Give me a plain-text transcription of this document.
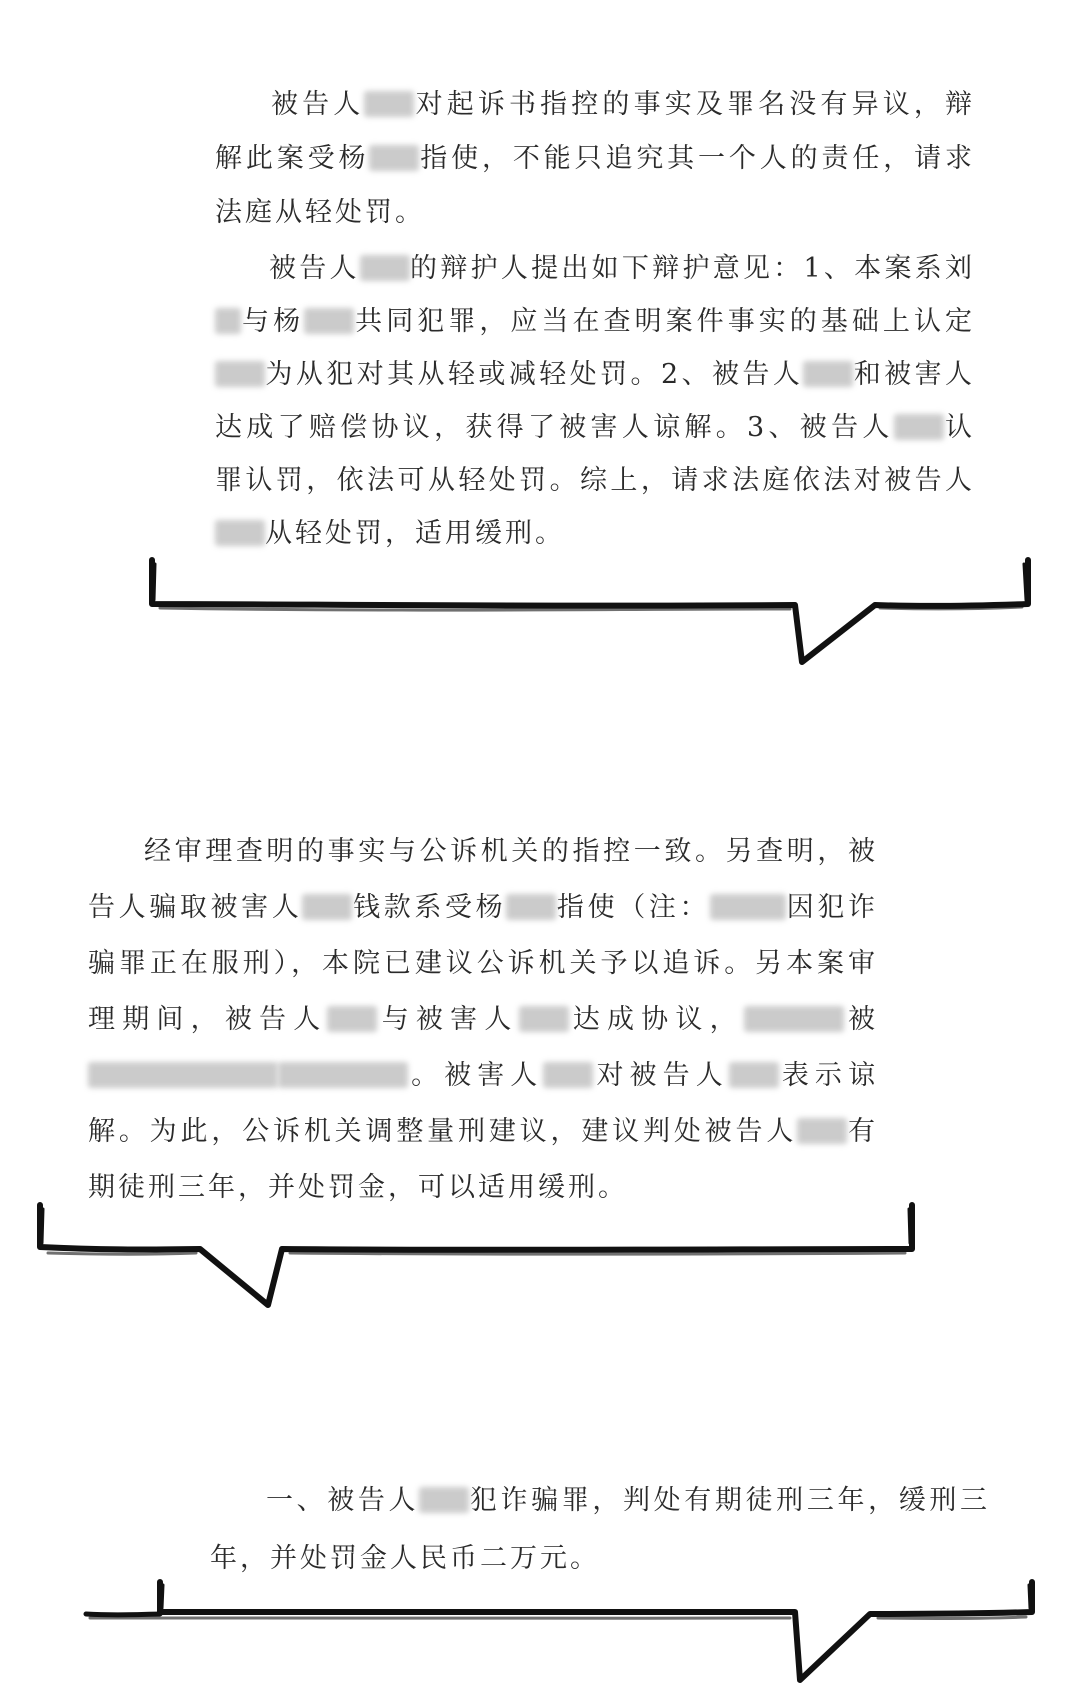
被告人 对起诉书指控的事实及罪名没有异议，辩解此案受杨 指使，不能只追究其一个人的责任，请求法庭从轻处罚。

被告人 的辩护人提出如下辩护意见：1、本案系刘与杨 共同犯罪，应当在查明案件事实的基础上认定为从犯对其从轻或减轻处罚。2、被告人 和被害人达成了赔偿协议，获得了被害人谅解。3、被告人 认罪认罚，依法可从轻处罚。综上，请求法庭依法对被告人从轻处罚，适用缓刑。

经审理查明的事实与公诉机关的指控一致。另查明，被告人骗取被害人 钱款系受杨 指使（注：	因犯诈骗罪正在服刑），本院已建议公诉机关予以追诉。另本案审理期间，被告人 与被害人 达成协议，	被。被害人 对被告人 表示谅解。为此，公诉机关调整量刑建议，建议判处被告人 有期徒刑三年，并处罚金，可以适用缓刑。

一、被告人 犯诈骗罪，判处有期徒刑三年，缓刑三年，并处罚金人民币二万元。
